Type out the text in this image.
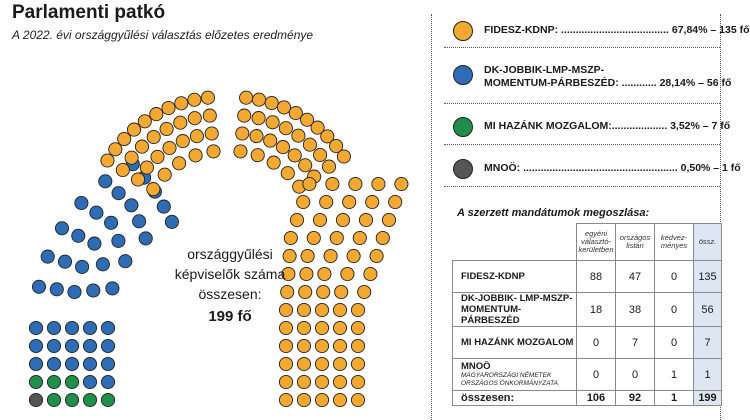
Parlamenti patkó
A 2022. évi országgyűlési választás előzetes eredménye
országgyűlési
képviselők száma
összesen:
199 fő
FIDESZ-KDNP: ..................................... 67,84% – 135 fő
DK-JOBBIK-LMP-MSZP-
MOMENTUM-PÁRBESZÉD: ............ 28,14% – 56 fő
MI HAZÁNK MOZGALOM:................... 3,52% – 7 fő
MNOÖ: ..................................................... 0,50% – 1 fő
A szerzett mandátumok megoszlása:
	egyéni választó-kerületben	országos listán	kedvez-ményes	össz.
FIDESZ-KDNP	88	47	0	135
DK-JOBBIK- LMP-MSZP-MOMENTUM-PÁRBESZÉD	18	38	0	56
MI HAZÁNK MOZGALOM	0	7	0	7
MNOÖ
MAGYARORSZÁGI NÉMETEK ORSZÁGOS ÖNKORMÁNYZATA	0	0	1	1
összesen:	106	92	1	199
